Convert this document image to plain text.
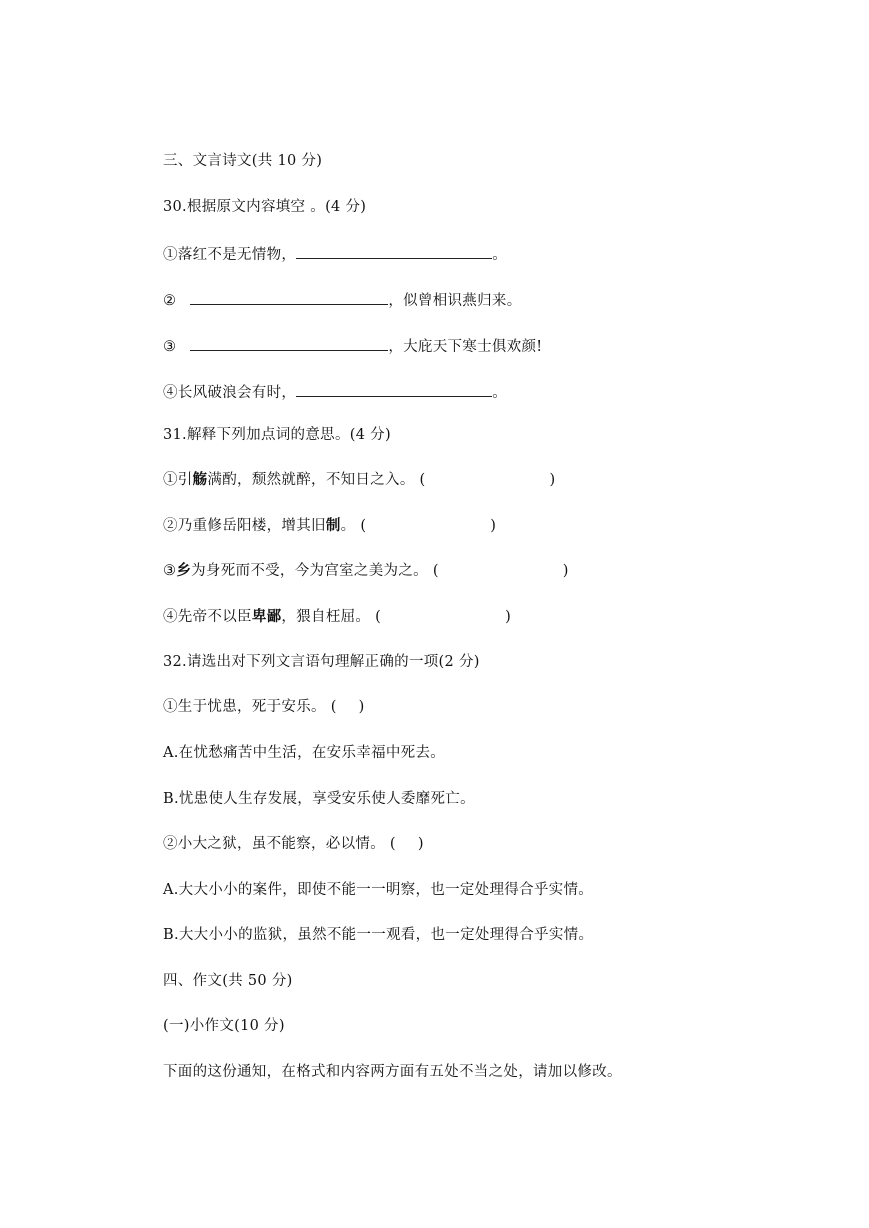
三、文言诗文(共 10 分)
30.根据原文内容填空 。(4 分)
①落红不是无情物，	。
②	，似曾相识燕归来。
③	，大庇天下寒士俱欢颜!
④长风破浪会有时，	。
31.解释下列加点词的意思。(4 分)
①引觞满酌，颓然就醉，不知日之入。 (	)
②乃重修岳阳楼，增其旧制。 (	)
③乡为身死而不受，今为宫室之美为之。 (	)
④先帝不以臣卑鄙，猥自枉屈。 (	)
32.请选出对下列文言语句理解正确的一项(2 分)
①生于忧患，死于安乐。 ( )
A.在忧愁痛苦中生活，在安乐幸福中死去。
B.忧患使人生存发展，享受安乐使人委靡死亡。
②小大之狱，虽不能察，必以情。 ( )
A.大大小小的案件，即使不能一一明察，也一定处理得合乎实情。
B.大大小小的监狱，虽然不能一一观看，也一定处理得合乎实情。
四、作文(共 50 分)
(一)小作文(10 分)
下面的这份通知，在格式和内容两方面有五处不当之处，请加以修改。
